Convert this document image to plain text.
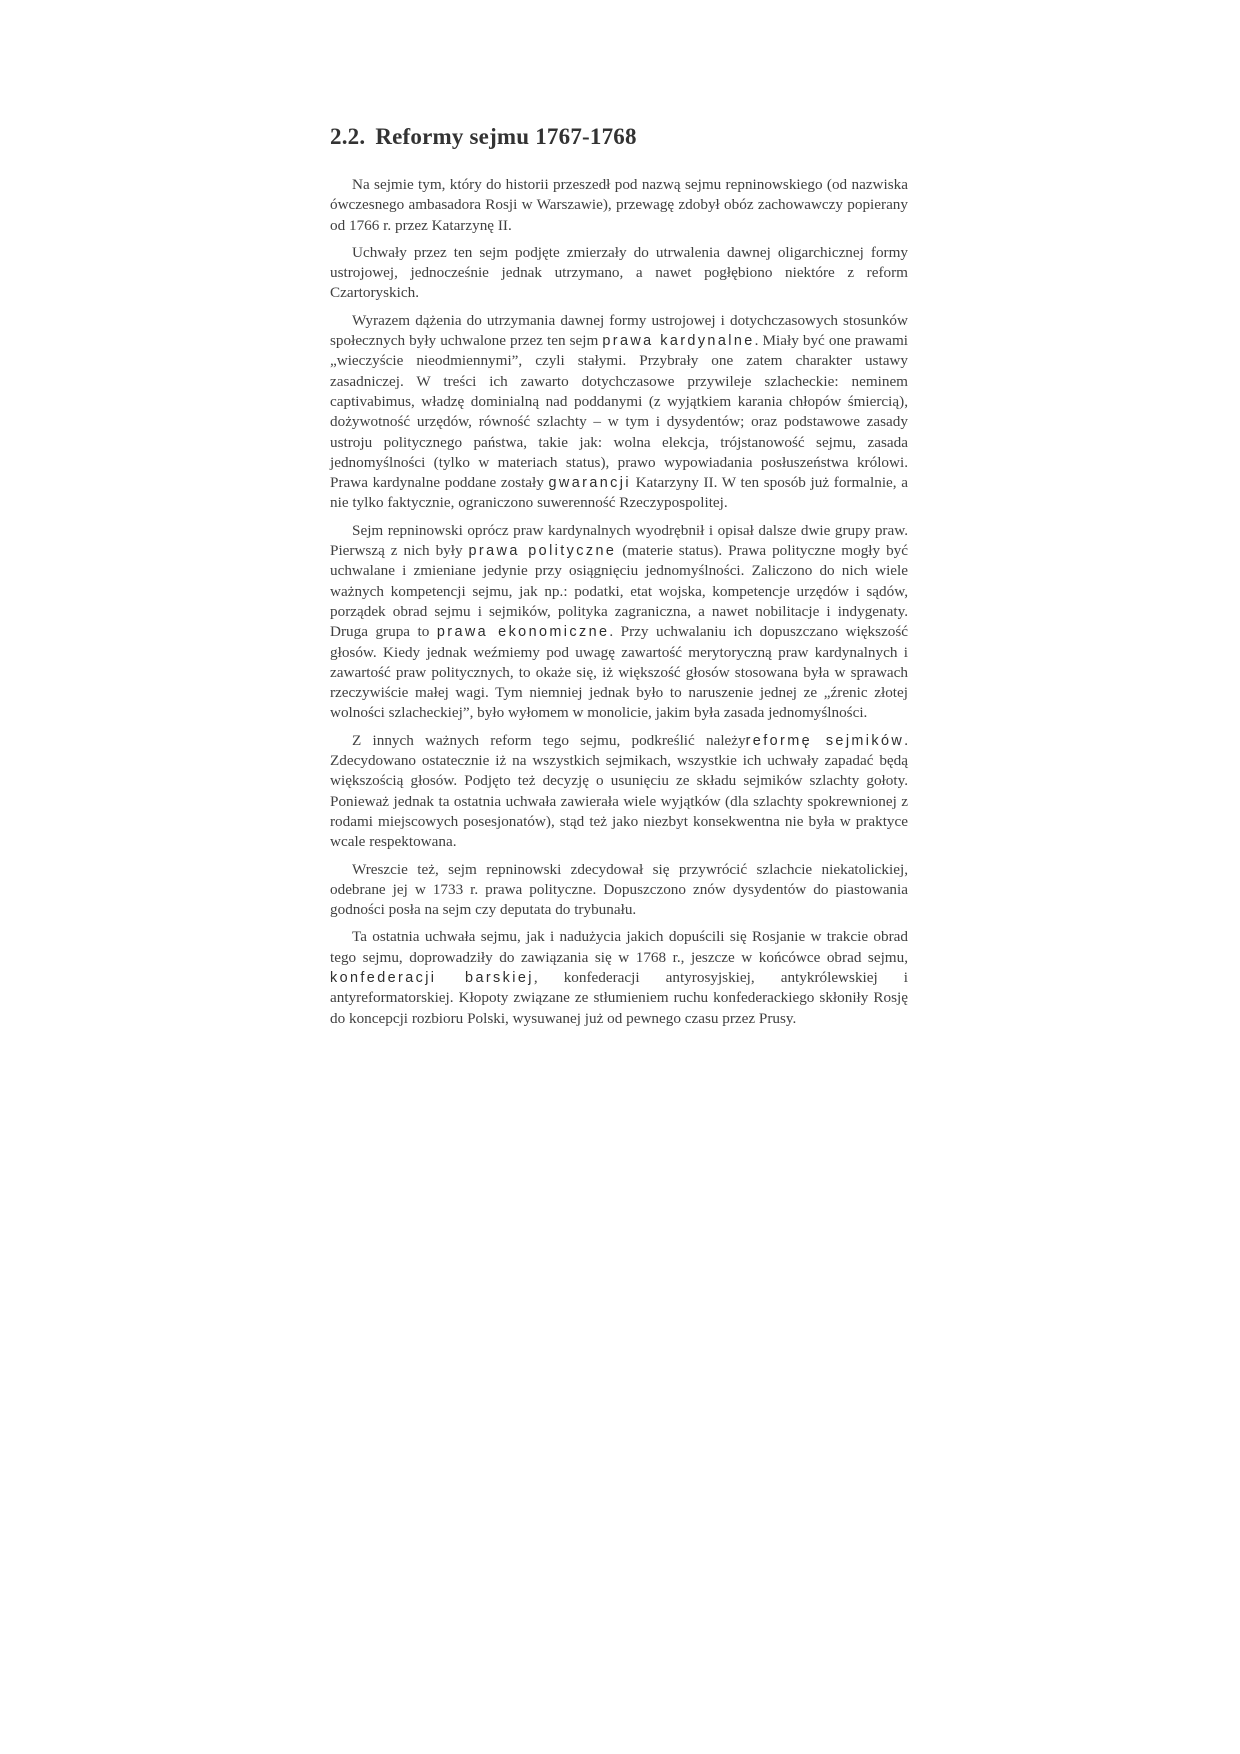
2.2. Reformy sejmu 1767-1768

Na sejmie tym, który do historii przeszedł pod nazwą sejmu repninowskiego (od nazwiska ówczesnego ambasadora Rosji w Warszawie), przewagę zdobył obóz zachowawczy popierany od 1766 r. przez Katarzynę II.

Uchwały przez ten sejm podjęte zmierzały do utrwalenia dawnej oligarchicznej formy ustrojowej, jednocześnie jednak utrzymano, a nawet pogłębiono niektóre z reform Czartoryskich.

Wyrazem dążenia do utrzymania dawnej formy ustrojowej i dotychczasowych stosunków społecznych były uchwalone przez ten sejm prawa kardynalne. Miały być one prawami „wieczyście nieodmiennymi”, czyli stałymi. Przybrały one zatem charakter ustawy zasadniczej. W treści ich zawarto dotychczasowe przywileje szlacheckie: neminem captivabimus, władzę dominialną nad poddanymi (z wyjątkiem karania chłopów śmiercią), dożywotność urzędów, równość szlachty – w tym i dysydentów; oraz podstawowe zasady ustroju politycznego państwa, takie jak: wolna elekcja, trójstanowość sejmu, zasada jednomyślności (tylko w materiach status), prawo wypowiadania posłuszeństwa królowi. Prawa kardynalne poddane zostały gwarancji Katarzyny II. W ten sposób już formalnie, a nie tylko faktycznie, ograniczono suwerenność Rzeczypospolitej.

Sejm repninowski oprócz praw kardynalnych wyodrębnił i opisał dalsze dwie grupy praw. Pierwszą z nich były prawa polityczne (materie status). Prawa polityczne mogły być uchwalane i zmieniane jedynie przy osiągnięciu jednomyślności. Zaliczono do nich wiele ważnych kompetencji sejmu, jak np.: podatki, etat wojska, kompetencje urzędów i sądów, porządek obrad sejmu i sejmików, polityka zagraniczna, a nawet nobilitacje i indygenaty. Druga grupa to prawa ekonomiczne. Przy uchwalaniu ich dopuszczano większość głosów. Kiedy jednak weźmiemy pod uwagę zawartość merytoryczną praw kardynalnych i zawartość praw politycznych, to okaże się, iż większość głosów stosowana była w sprawach rzeczywiście małej wagi. Tym niemniej jednak było to naruszenie jednej ze „źrenic złotej wolności szlacheckiej”, było wyłomem w monolicie, jakim była zasada jednomyślności.

Z innych ważnych reform tego sejmu, podkreślić należyreformę sejmików. Zdecydowano ostatecznie iż na wszystkich sejmikach, wszystkie ich uchwały zapadać będą większością głosów. Podjęto też decyzję o usunięciu ze składu sejmików szlachty gołoty. Ponieważ jednak ta ostatnia uchwała zawierała wiele wyjątków (dla szlachty spokrewnionej z rodami miejscowych posesjonatów), stąd też jako niezbyt konsekwentna nie była w praktyce wcale respektowana.

Wreszcie też, sejm repninowski zdecydował się przywrócić szlachcie niekatolickiej, odebrane jej w 1733 r. prawa polityczne. Dopuszczono znów dysydentów do piastowania godności posła na sejm czy deputata do trybunału.

Ta ostatnia uchwała sejmu, jak i nadużycia jakich dopuścili się Rosjanie w trakcie obrad tego sejmu, doprowadziły do zawiązania się w 1768 r., jeszcze w końcówce obrad sejmu, konfederacji barskiej, konfederacji antyrosyjskiej, antykrólewskiej i antyreformatorskiej. Kłopoty związane ze stłumieniem ruchu konfederackiego skłoniły Rosję do koncepcji rozbioru Polski, wysuwanej już od pewnego czasu przez Prusy.
